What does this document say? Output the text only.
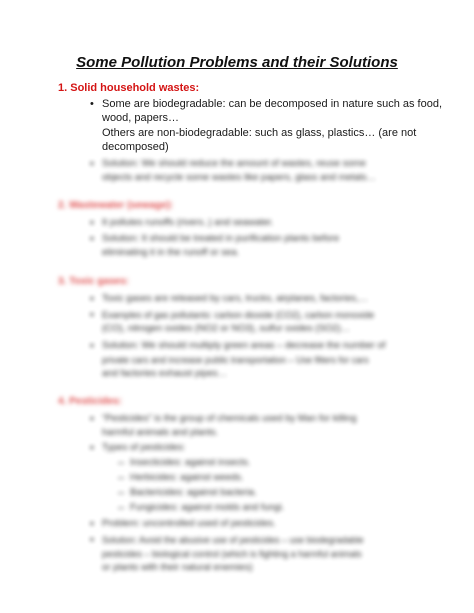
Some Pollution Problems and their Solutions
1. Solid household wastes:
• Some are biodegradable: can be decomposed in nature such as food,
wood, papers…
Others are non-biodegradable: such as glass, plastics… (are not
decomposed)
• Solution: We should reduce the amount of wastes, reuse some
objects and recycle some wastes like papers, glass and metals…
2. Wastewater (sewage):
• It pollutes runoffs (rivers..) and seawater.
• Solution: It should be treated in purification plants before
eliminating it in the runoff or sea.
3. Toxic gases:
• Toxic gases are released by cars, trucks, airplanes, factories,…
• Examples of gas pollutants: carbon dioxide (CO2), carbon monoxide
(CO), nitrogen oxides (NO2 or NO3), sulfur oxides (SO2)…
• Solution: We should multiply green areas – decrease the number of
private cars and increase public transportation – Use filters for cars
and factories exhaust pipes…
4. Pesticides:
• “Pesticides” is the group of chemicals used by Man for killing
harmful animals and plants.
• Types of pesticides:
– Insecticides: against insects.
– Herbicides: against weeds.
– Bactericides: against bacteria.
– Fungicides: against molds and fungi.
• Problem: uncontrolled used of pesticides.
• Solution: Avoid the abusive use of pesticides – use biodegradable
pesticides – biological control (which is fighting a harmful animals
or plants with their natural enemies)
